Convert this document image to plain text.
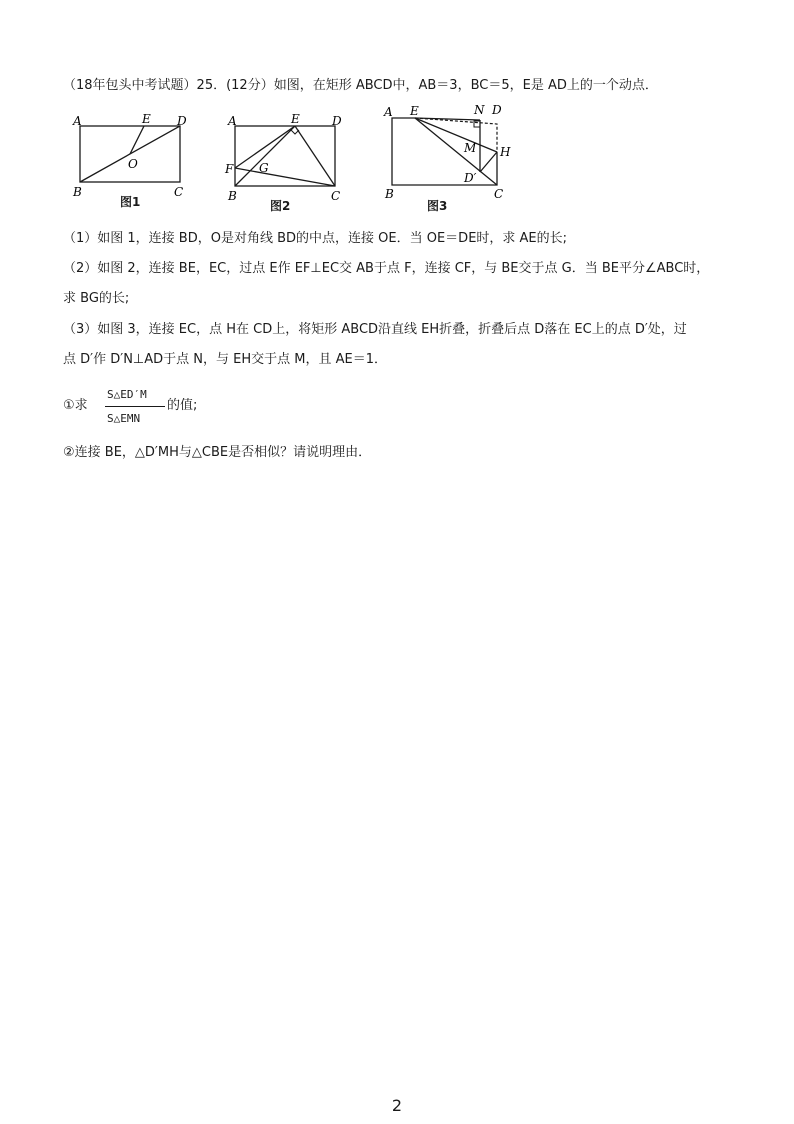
（18年包头中考试题）25．(12分）如图，在矩形 ABCD中，AB＝3，BC＝5，E是 AD上的一个动点．
A	D
E
O
B	C
图1
A	D
E
F G
B	C
图2
A E	N D
M H
D′
B	C
图3
（1）如图 1，连接 BD，O是对角线 BD的中点，连接 OE．当 OE＝DE时，求 AE的长;
（2）如图 2，连接 BE，EC，过点 E作 EF⊥EC交 AB于点 F，连接 CF，与 BE交于点 G．当 BE平分∠ABC时，
求 BG的长;
（3）如图 3，连接 EC，点 H在 CD上，将矩形 ABCD沿直线 EH折叠，折叠后点 D落在 EC上的点 D′处，过
点 D′作 D′N⊥AD于点 N，与 EH交于点 M，且 AE＝1．
①求
S△ED′M
S△EMN
的值;
②连接 BE，△D′MH与△CBE是否相似？请说明理由．
2
